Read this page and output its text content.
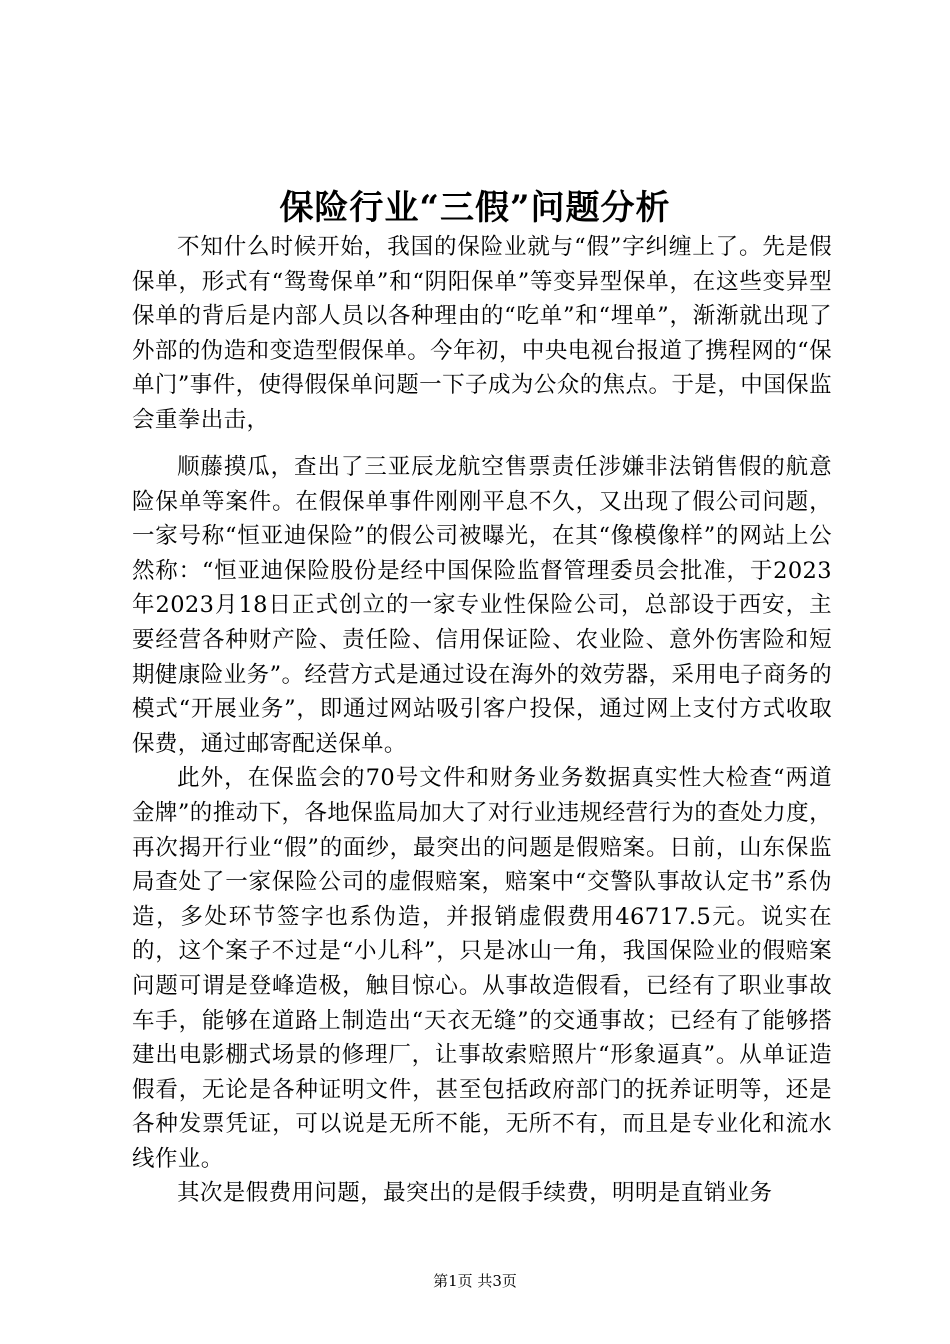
保险行业“三假”问题分析

不知什么时候开始，我国的保险业就与“假”字纠缠上了。先是假保单，形式有“鸳鸯保单”和“阴阳保单”等变异型保单，在这些变异型保单的背后是内部人员以各种理由的“吃单”和“埋单”，渐渐就出现了外部的伪造和变造型假保单。今年初，中央电视台报道了携程网的“保单门”事件，使得假保单问题一下子成为公众的焦点。于是，中国保监会重拳出击，

顺藤摸瓜，查出了三亚辰龙航空售票责任涉嫌非法销售假的航意险保单等案件。在假保单事件刚刚平息不久，又出现了假公司问题，一家号称“恒亚迪保险”的假公司被曝光，在其“像模像样”的网站上公然称：“恒亚迪保险股份是经中国保险监督管理委员会批准，于2023年2023月18日正式创立的一家专业性保险公司，总部设于西安，主要经营各种财产险、责任险、信用保证险、农业险、意外伤害险和短期健康险业务”。经营方式是通过设在海外的效劳器，采用电子商务的模式“开展业务”，即通过网站吸引客户投保，通过网上支付方式收取保费，通过邮寄配送保单。

此外，在保监会的70号文件和财务业务数据真实性大检查“两道金牌”的推动下，各地保监局加大了对行业违规经营行为的查处力度，再次揭开行业“假”的面纱，最突出的问题是假赔案。日前，山东保监局查处了一家保险公司的虚假赔案，赔案中“交警队事故认定书”系伪造，多处环节签字也系伪造，并报销虚假费用46717.5元。说实在的，这个案子不过是“小儿科”，只是冰山一角，我国保险业的假赔案问题可谓是登峰造极，触目惊心。从事故造假看，已经有了职业事故车手，能够在道路上制造出“天衣无缝”的交通事故；已经有了能够搭建出电影棚式场景的修理厂，让事故索赔照片“形象逼真”。从单证造假看，无论是各种证明文件，甚至包括政府部门的抚养证明等，还是各种发票凭证，可以说是无所不能，无所不有，而且是专业化和流水线作业。

其次是假费用问题，最突出的是假手续费，明明是直销业务

第1页 共3页
